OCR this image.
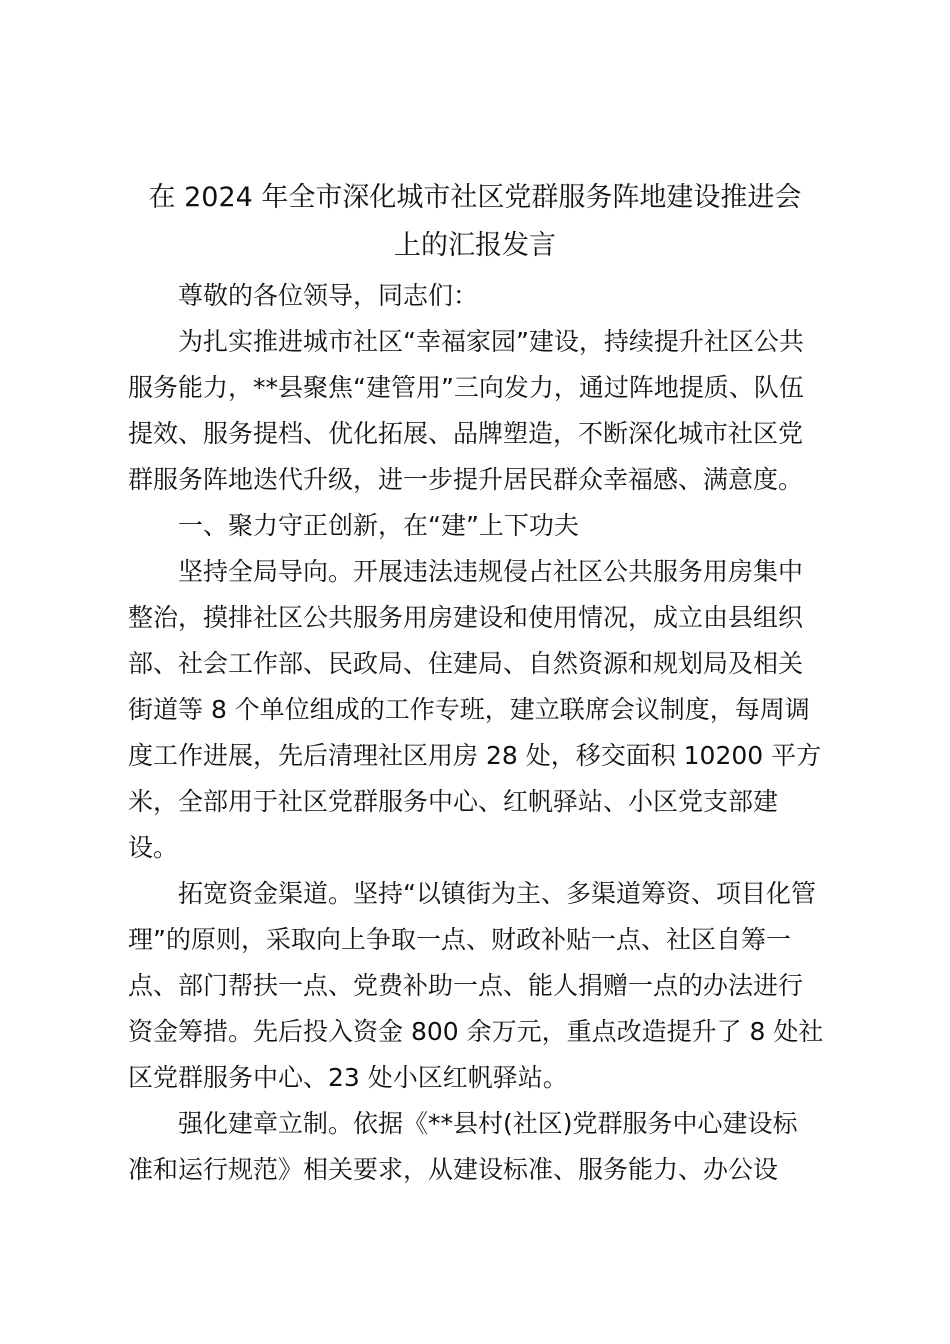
在 2024 年全市深化城市社区党群服务阵地建设推进会
上的汇报发言

尊敬的各位领导，同志们：

为扎实推进城市社区“幸福家园”建设，持续提升社区公共

服务能力，**县聚焦“建管用”三向发力，通过阵地提质、队伍

提效、服务提档、优化拓展、品牌塑造，不断深化城市社区党

群服务阵地迭代升级，进一步提升居民群众幸福感、满意度。

一、聚力守正创新，在“建”上下功夫

坚持全局导向。开展违法违规侵占社区公共服务用房集中

整治，摸排社区公共服务用房建设和使用情况，成立由县组织

部、社会工作部、民政局、住建局、自然资源和规划局及相关

街道等 8 个单位组成的工作专班，建立联席会议制度，每周调

度工作进展，先后清理社区用房 28 处，移交面积 10200 平方

米，全部用于社区党群服务中心、红帆驿站、小区党支部建

设。

拓宽资金渠道。坚持“以镇街为主、多渠道筹资、项目化管

理”的原则，采取向上争取一点、财政补贴一点、社区自筹一

点、部门帮扶一点、党费补助一点、能人捐赠一点的办法进行

资金筹措。先后投入资金 800 余万元，重点改造提升了 8 处社

区党群服务中心、23 处小区红帆驿站。

强化建章立制。依据《**县村(社区)党群服务中心建设标

准和运行规范》相关要求，从建设标准、服务能力、办公设
